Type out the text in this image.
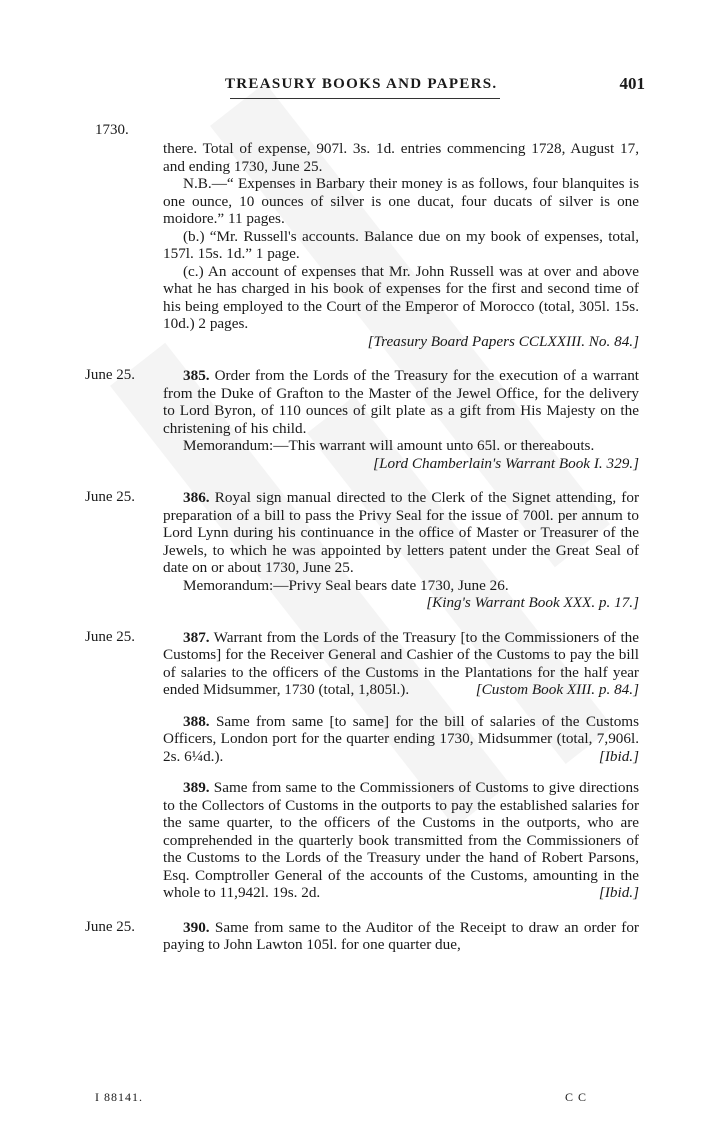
TREASURY BOOKS AND PAPERS.	401
1730.

there. Total of expense, 907l. 3s. 1d. entries commencing 1728, August 17, and ending 1730, June 25.

N.B.—“ Expenses in Barbary their money is as follows, four blanquites is one ounce, 10 ounces of silver is one ducat, four ducats of silver is one moidore.” 11 pages.

(b.) “Mr. Russell's accounts. Balance due on my book of expenses, total, 157l. 15s. 1d.” 1 page.

(c.) An account of expenses that Mr. John Russell was at over and above what he has charged in his book of expenses for the first and second time of his being employed to the Court of the Emperor of Morocco (total, 305l. 15s. 10d.) 2 pages.

[Treasury Board Papers CCLXXIII. No. 84.]

June 25.	385. Order from the Lords of the Treasury for the execution of a warrant from the Duke of Grafton to the Master of the Jewel Office, for the delivery to Lord Byron, of 110 ounces of gilt plate as a gift from His Majesty on the christening of his child.

Memorandum:—This warrant will amount unto 65l. or thereabouts.
[Lord Chamberlain's Warrant Book I. 329.]

June 25.	386. Royal sign manual directed to the Clerk of the Signet attending, for preparation of a bill to pass the Privy Seal for the issue of 700l. per annum to Lord Lynn during his continuance in the office of Master or Treasurer of the Jewels, to which he was appointed by letters patent under the Great Seal of date on or about 1730, June 25.

Memorandum:—Privy Seal bears date 1730, June 26.

[King's Warrant Book XXX. p. 17.]

June 25.	387. Warrant from the Lords of the Treasury [to the Commissioners of the Customs] for the Receiver General and Cashier of the Customs to pay the bill of salaries to the officers of the Customs in the Plantations for the half year ended Midsummer, 1730 (total, 1,805l.).	[Custom Book XIII. p. 84.]

388. Same from same [to same] for the bill of salaries of the Customs Officers, London port for the quarter ending 1730, Midsummer (total, 7,906l. 2s. 6¼d.).	[Ibid.]

389. Same from same to the Commissioners of Customs to give directions to the Collectors of Customs in the outports to pay the established salaries for the same quarter, to the officers of the Customs in the outports, who are comprehended in the quarterly book transmitted from the Commissioners of the Customs to the Lords of the Treasury under the hand of Robert Parsons, Esq. Comptroller General of the accounts of the Customs, amounting in the whole to 11,942l. 19s. 2d.	[Ibid.]

June 25.	390. Same from same to the Auditor of the Receipt to draw an order for paying to John Lawton 105l. for one quarter due,

I 88141.	C C
